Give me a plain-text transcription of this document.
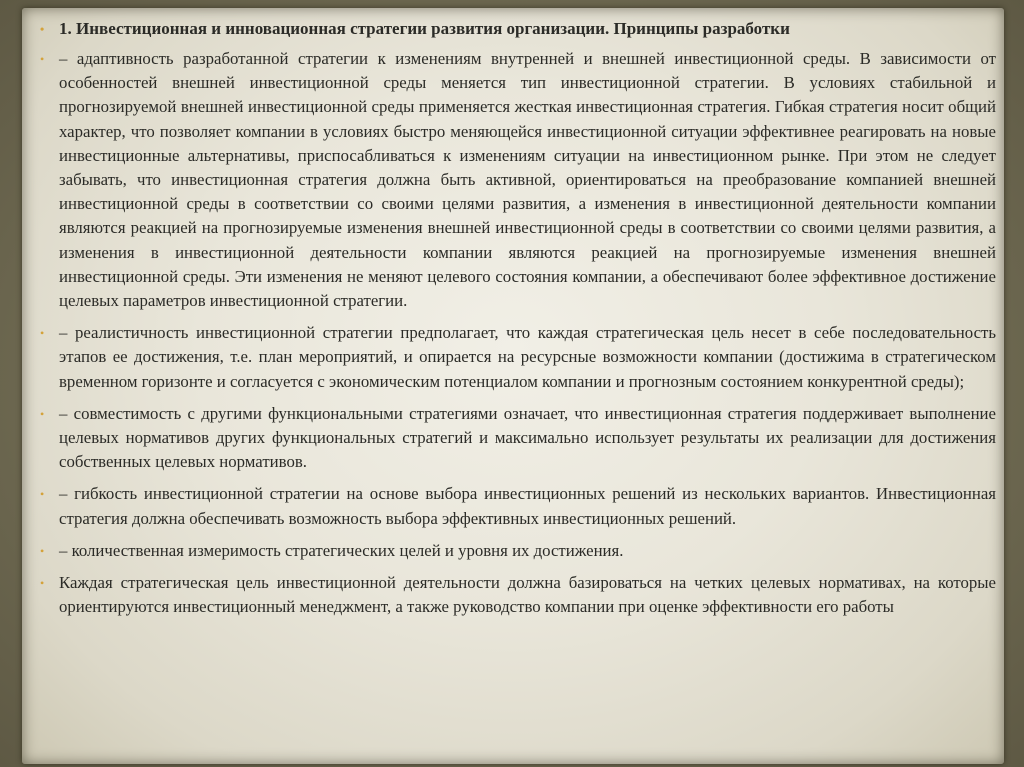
• 1. Инвестиционная и инновационная стратегии развития организации. Принципы разработки
• – адаптивность разработанной стратегии к изменениям внутренней и внешней инвестиционной среды. В зависимости от особенностей внешней инвестиционной среды меняется тип инвестиционной стратегии. В условиях стабильной и прогнозируемой внешней инвестиционной среды применяется жесткая инвестиционная стратегия. Гибкая стратегия носит общий характер, что позволяет компании в условиях быстро меняющейся инвестиционной ситуации эффективнее реагировать на новые инвестиционные альтернативы, приспосабливаться к изменениям ситуации на инвестиционном рынке. При этом не следует забывать, что инвестиционная стратегия должна быть активной, ориентироваться на преобразование компанией внешней инвестиционной среды в соответствии со своими целями развития, а изменения в инвестиционной деятельности компании являются реакцией на прогнозируемые изменения внешней инвестиционной среды в соответствии со своими целями развития, а изменения в инвестиционной деятельности компании являются реакцией на прогнозируемые изменения внешней инвестиционной среды. Эти изменения не меняют целевого состояния компании, а обеспечивают более эффективное достижение целевых параметров инвестиционной стратегии.
• – реалистичность инвестиционной стратегии предполагает, что каждая стратегическая цель несет в себе последовательность этапов ее достижения, т.е. план мероприятий, и опирается на ресурсные возможности компании (достижима в стратегическом временном горизонте и согласуется с экономическим потенциалом компании и прогнозным состоянием конкурентной среды);
• – совместимость с другими функциональными стратегиями означает, что инвестиционная стратегия поддерживает выполнение целевых нормативов других функциональных стратегий и максимально использует результаты их реализации для достижения собственных целевых нормативов.
• – гибкость инвестиционной стратегии на основе выбора инвестиционных решений из нескольких вариантов. Инвестиционная стратегия должна обеспечивать возможность выбора эффективных инвестиционных решений.
• – количественная измеримость стратегических целей и уровня их достижения.
• Каждая стратегическая цель инвестиционной деятельности должна базироваться на четких целевых нормативах, на которые ориентируются инвестиционный менеджмент, а также руководство компании при оценке эффективности его работы
